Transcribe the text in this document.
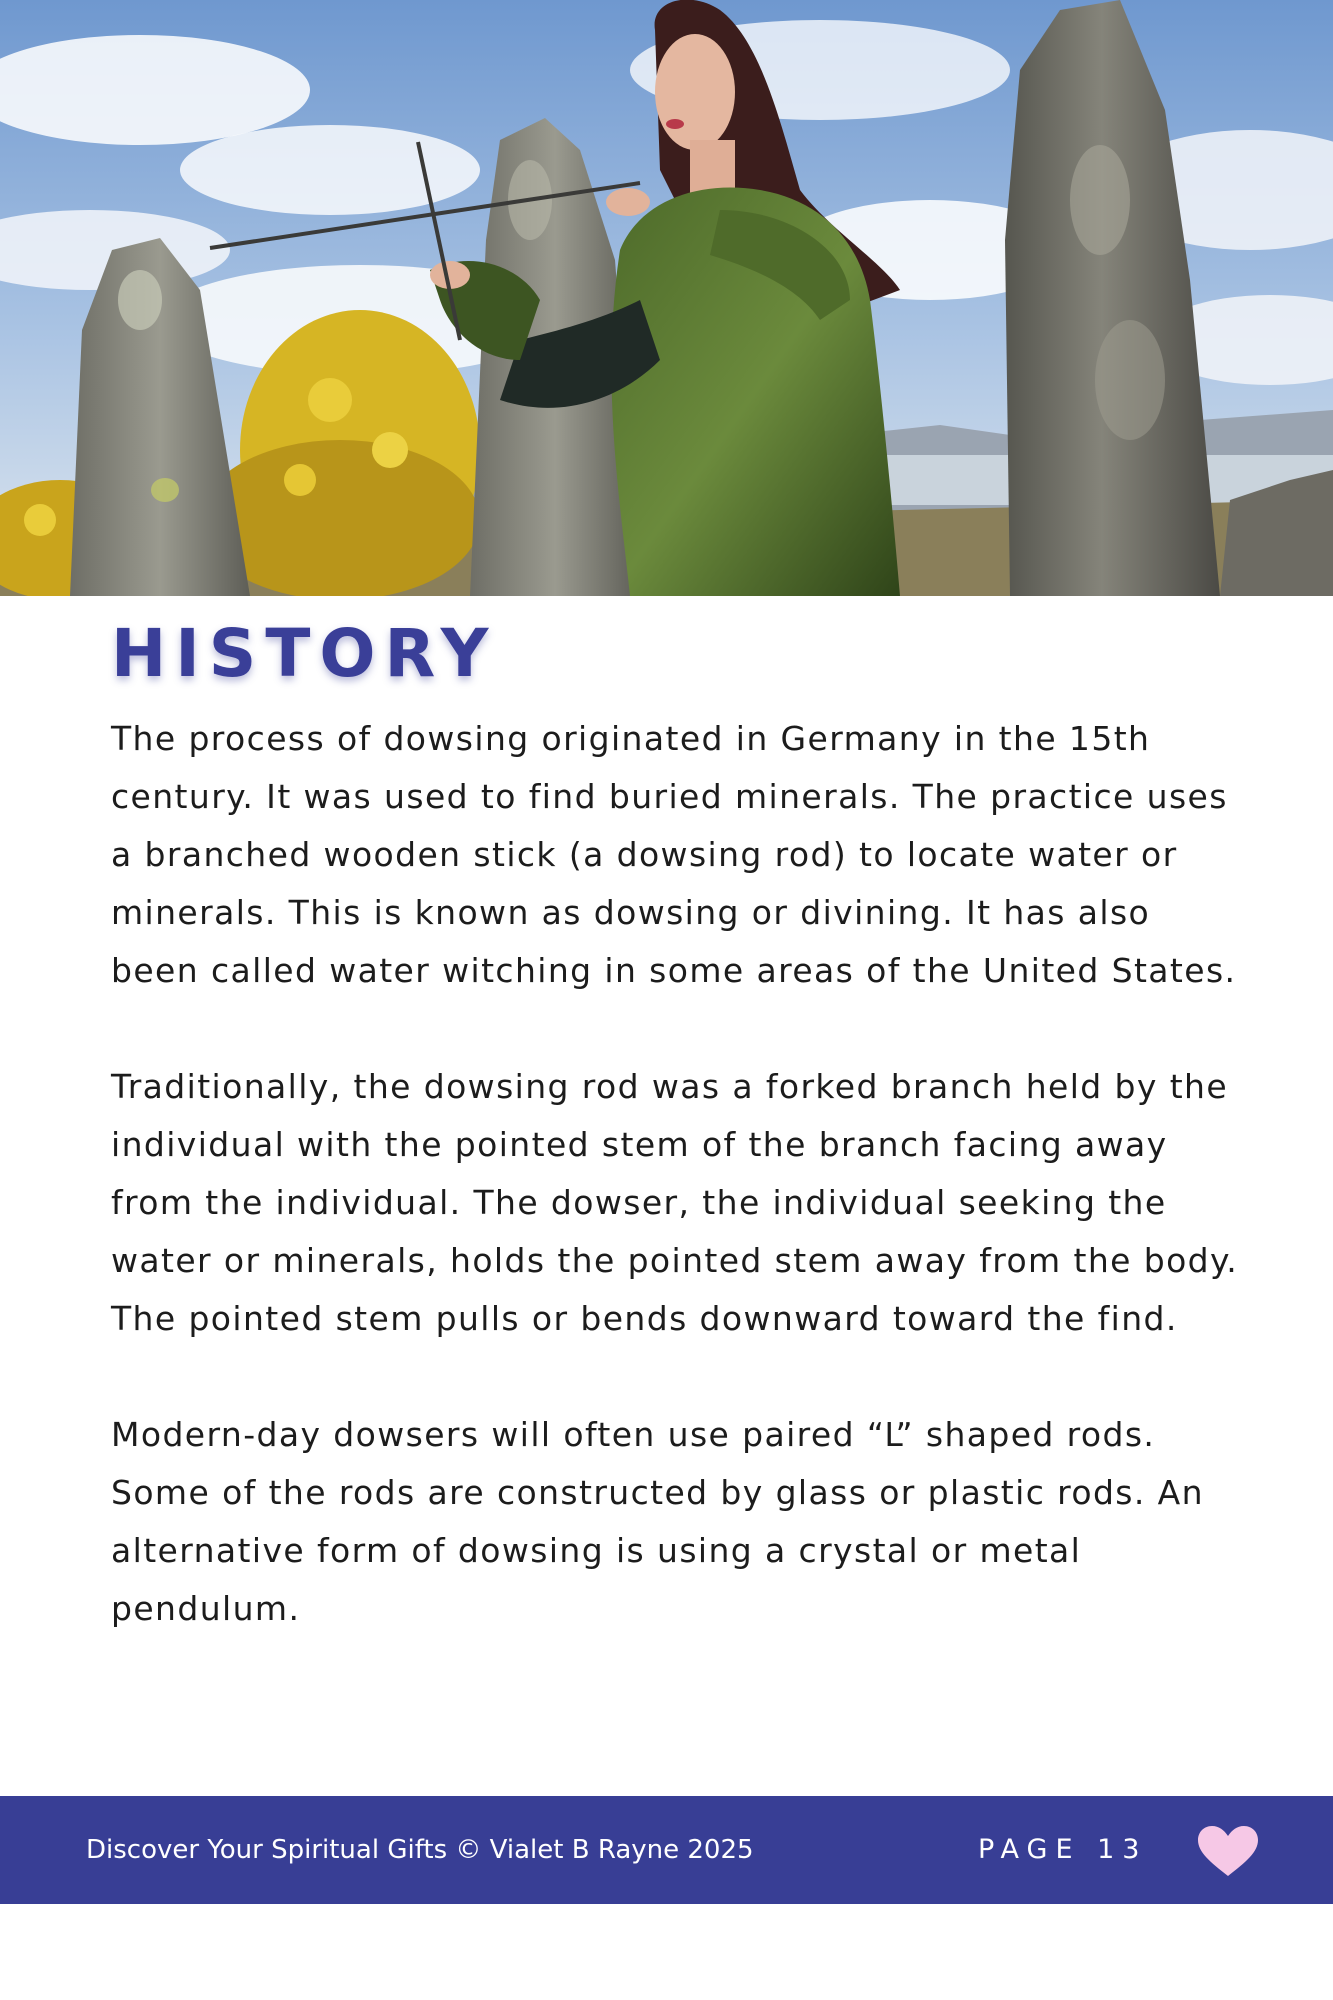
HISTORY

The process of dowsing originated in Germany in the 15th century. It was used to find buried minerals. The practice uses a branched wooden stick (a dowsing rod) to locate water or minerals. This is known as dowsing or divining. It has also been called water witching in some areas of the United States.

Traditionally, the dowsing rod was a forked branch held by the individual with the pointed stem of the branch facing away from the individual. The dowser, the individual seeking the water or minerals, holds the pointed stem away from the body. The pointed stem pulls or bends downward toward the find.

Modern-day dowsers will often use paired “L” shaped rods. Some of the rods are constructed by glass or plastic rods. An alternative form of dowsing is using a crystal or metal pendulum.

Discover Your Spiritual Gifts © Vialet B Rayne 2025	PAGE 13
